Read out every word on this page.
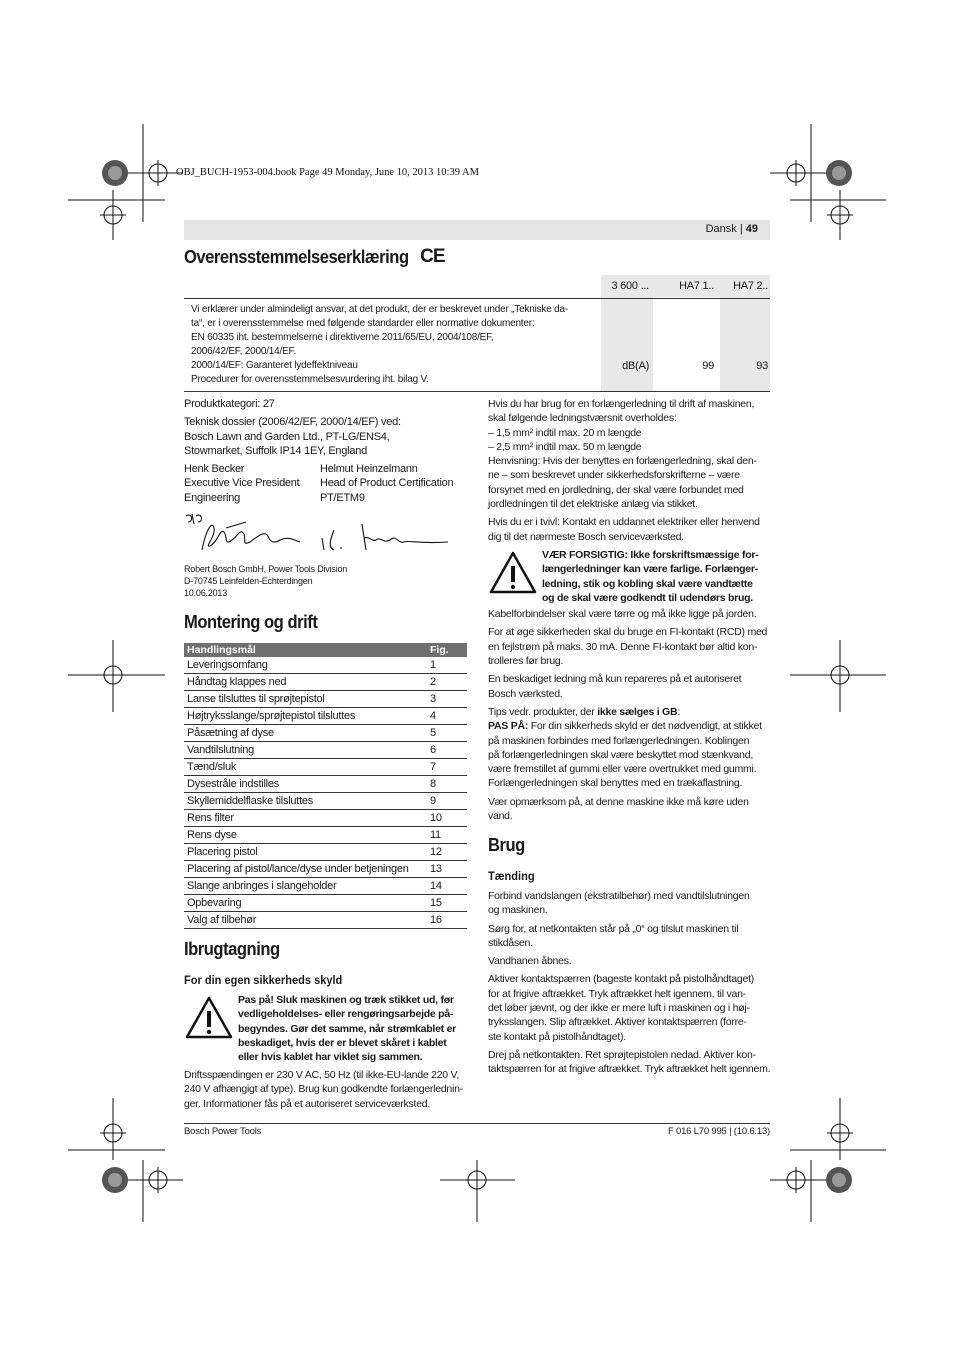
OBJ_BUCH-1953-004.book Page 49 Monday, June 10, 2013 10:39 AM
Dansk | 49
Overensstemmelseserklæring CE
3 600 ...	HA7 1..	HA7 2..

Vi erklærer under almindeligt ansvar, at det produkt, der er beskrevet under „Tekniske da-

ta“, er i overensstemmelse med følgende standarder eller normative dokumenter:

EN 60335 iht. bestemmelserne i direktiverne 2011/65/EU, 2004/108/EF,

2006/42/EF, 2000/14/EF.

2000/14/EF: Garanteret lydeffektniveau

Procedurer for overensstemmelsesvurdering iht. bilag V.

dB(A)	99	93

Produktkategori: 27

Teknisk dossier (2006/42/EF, 2000/14/EF) ved:

Bosch Lawn and Garden Ltd., PT-LG/ENS4,

Stowmarket, Suffolk IP14 1EY, England

Henk Becker

Executive Vice President

Engineering

Helmut Heinzelmann

Head of Product Certification

PT/ETM9

Robert Bosch GmbH, Power Tools Division

D-70745 Leinfelden-Echterdingen

10.06.2013

Montering og drift
Handlingsmål	Fig.
Leveringsomfang	1
Håndtag klappes ned	2
Lanse tilsluttes til sprøjtepistol	3
Højtryksslange/sprøjtepistol tilsluttes	4
Påsætning af dyse	5
Vandtilslutning	6
Tænd/sluk	7
Dysestråle indstilles	8
Skyllemiddelflaske tilsluttes	9
Rens filter	10
Rens dyse	11
Placering pistol	12
Placering af pistol/lance/dyse under betjeningen	13
Slange anbringes i slangeholder	14
Opbevaring	15
Valg af tilbehør	16
Ibrugtagning
For din egen sikkerheds skyld

Pas på! Sluk maskinen og træk stikket ud, før

vedligeholdelses- eller rengøringsarbejde på-

begyndes. Gør det samme, når strømkablet er

beskadiget, hvis der er blevet skåret i kablet

eller hvis kablet har viklet sig sammen.

Driftsspændingen er 230 V AC, 50 Hz (til ikke-EU-lande 220 V,

240 V afhængigt af type). Brug kun godkendte forlængerlednin-

ger. Informationer fås på et autoriseret serviceværksted.

Hvis du har brug for en forlængerledning til drift af maskinen,

skal følgende ledningstværsnit overholdes:

– 1,5 mm² indtil max. 20 m længde

– 2,5 mm² indtil max. 50 m længde

Henvisning: Hvis der benyttes en forlængerledning, skal den-

ne – som beskrevet under sikkerhedsforskrifterne – være

forsynet med en jordledning, der skal være forbundet med

jordledningen til det elektriske anlæg via stikket.

Hvis du er i tvivl: Kontakt en uddannet elektriker eller henvend

dig til det nærmeste Bosch serviceværksted.

VÆR FORSIGTIG: Ikke forskriftsmæssige for-

længerledninger kan være farlige. Forlænger-

ledning, stik og kobling skal være vandtætte

og de skal være godkendt til udendørs brug.

Kabelforbindelser skal være tørre og må ikke ligge på jorden.

For at øge sikkerheden skal du bruge en FI-kontakt (RCD) med

en fejlstrøm på maks. 30 mA. Denne FI-kontakt bør altid kon-

trolleres før brug.

En beskadiget ledning må kun repareres på et autoriseret

Bosch værksted.

Tips vedr. produkter, der ikke sælges i GB:

PAS PÅ: For din sikkerheds skyld er det nødvendigt, at stikket

på maskinen forbindes med forlængerledningen. Koblingen

på forlængerledningen skal være beskyttet mod stænkvand,

være fremstillet af gummi eller være overtrukket med gummi.

Forlængerledningen skal benyttes med en trækaflastning.

Vær opmærksom på, at denne maskine ikke må køre uden vand.

Brug
Tænding

Forbind vandslangen (ekstratilbehør) med vandtilslutningen

og maskinen.

Sørg for, at netkontakten står på „0“ og tilslut maskinen til

stikdåsen.

Vandhanen åbnes.

Aktiver kontaktspærren (bageste kontakt på pistolhåndtaget)

for at frigive aftrækket. Tryk aftrækket helt igennem, til van-

det løber jævnt, og der ikke er mere luft i maskinen og i høj-

tryksslangen. Slip aftrækket. Aktiver kontaktspærren (forre-

ste kontakt på pistolhåndtaget).

Drej på netkontakten. Ret sprøjtepistolen nedad. Aktiver kon-

taktspærren for at frigive aftrækket. Tryk aftrækket helt igennem.

Bosch Power Tools	F 016 L70 995 | (10.6.13)
